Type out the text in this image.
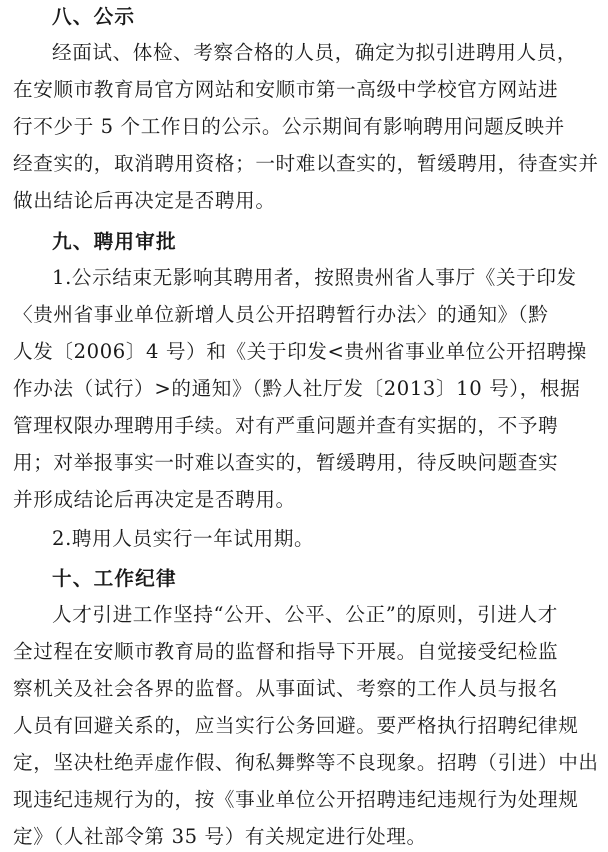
八、公示
经面试、体检、考察合格的人员，确定为拟引进聘用人员，
在安顺市教育局官方网站和安顺市第一高级中学校官方网站进
行不少于 5 个工作日的公示。公示期间有影响聘用问题反映并
经查实的，取消聘用资格；一时难以查实的，暂缓聘用，待查实并
做出结论后再决定是否聘用。
九、聘用审批
1.公示结束无影响其聘用者，按照贵州省人事厅《关于印发
〈贵州省事业单位新增人员公开招聘暂行办法〉的通知》（黔
人发〔2006〕4 号）和《关于印发<贵州省事业单位公开招聘操
作办法（试行）>的通知》（黔人社厅发〔2013〕10 号），根据
管理权限办理聘用手续。对有严重问题并查有实据的，不予聘
用；对举报事实一时难以查实的，暂缓聘用，待反映问题查实
并形成结论后再决定是否聘用。
2.聘用人员实行一年试用期。
十、工作纪律
人才引进工作坚持“公开、公平、公正”的原则，引进人才
全过程在安顺市教育局的监督和指导下开展。自觉接受纪检监
察机关及社会各界的监督。从事面试、考察的工作人员与报名
人员有回避关系的，应当实行公务回避。要严格执行招聘纪律规
定，坚决杜绝弄虚作假、徇私舞弊等不良现象。招聘（引进）中出
现违纪违规行为的，按《事业单位公开招聘违纪违规行为处理规
定》（人社部令第 35 号）有关规定进行处理。
